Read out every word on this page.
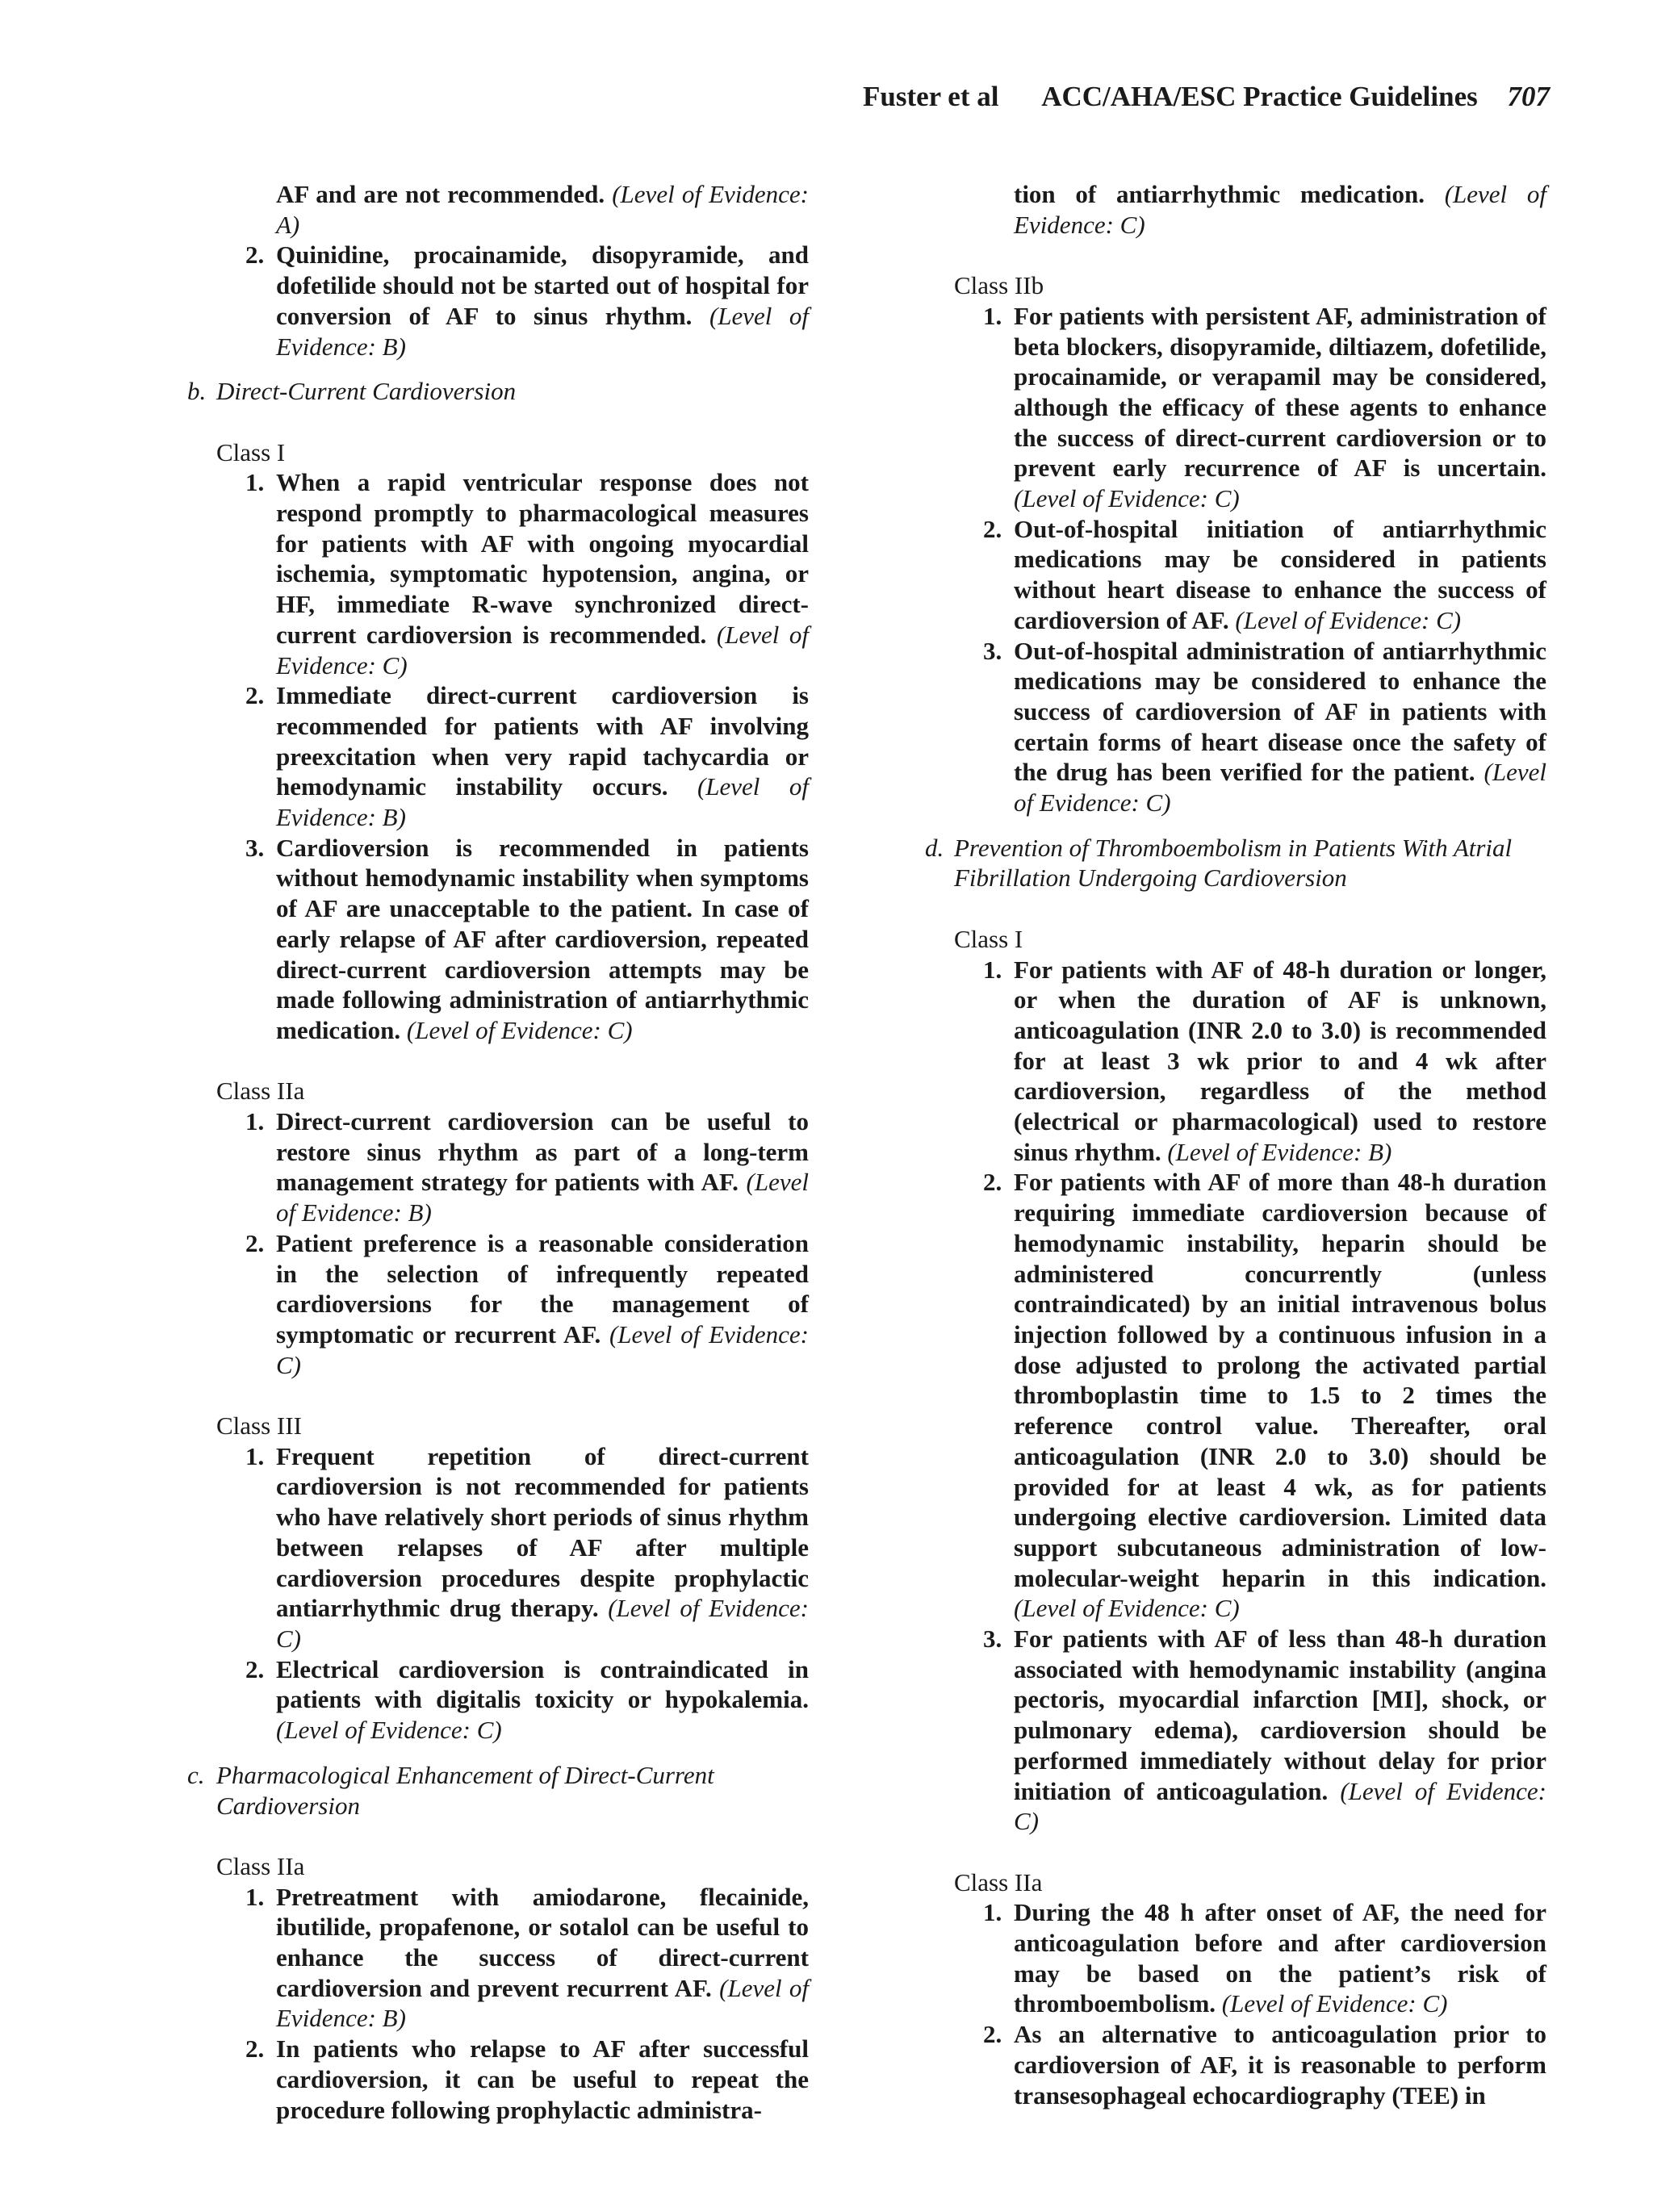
Fuster et al ACC/AHA/ESC Practice Guidelines 707

AF and are not recommended. (Level of Evidence: A)

2. Quinidine, procainamide, disopyramide, and dofetilide should not be started out of hospital for conversion of AF to sinus rhythm. (Level of Evidence: B)

b. Direct-Current Cardioversion

Class I

1. When a rapid ventricular response does not respond promptly to pharmacological measures for patients with AF with ongoing myocardial ischemia, symptomatic hypotension, angina, or HF, immediate R-wave synchronized direct-current cardioversion is recommended. (Level of Evidence: C)
2. Immediate direct-current cardioversion is recommended for patients with AF involving preexcitation when very rapid tachycardia or hemodynamic instability occurs. (Level of Evidence: B)
3. Cardioversion is recommended in patients without hemodynamic instability when symptoms of AF are unacceptable to the patient. In case of early relapse of AF after cardioversion, repeated direct-current cardioversion attempts may be made following administration of antiarrhythmic medication. (Level of Evidence: C)

Class IIa

1. Direct-current cardioversion can be useful to restore sinus rhythm as part of a long-term management strategy for patients with AF. (Level of Evidence: B)
2. Patient preference is a reasonable consideration in the selection of infrequently repeated cardioversions for the management of symptomatic or recurrent AF. (Level of Evidence: C)

Class III

1. Frequent repetition of direct-current cardioversion is not recommended for patients who have relatively short periods of sinus rhythm between relapses of AF after multiple cardioversion procedures despite prophylactic antiarrhythmic drug therapy. (Level of Evidence: C)
2. Electrical cardioversion is contraindicated in patients with digitalis toxicity or hypokalemia. (Level of Evidence: C)

c. Pharmacological Enhancement of Direct-Current Cardioversion

Class IIa

1. Pretreatment with amiodarone, flecainide, ibutilide, propafenone, or sotalol can be useful to enhance the success of direct-current cardioversion and prevent recurrent AF. (Level of Evidence: B)
2. In patients who relapse to AF after successful cardioversion, it can be useful to repeat the procedure following prophylactic administra-

tion of antiarrhythmic medication. (Level of Evidence: C)

Class IIb

1. For patients with persistent AF, administration of beta blockers, disopyramide, diltiazem, dofetilide, procainamide, or verapamil may be considered, although the efficacy of these agents to enhance the success of direct-current cardioversion or to prevent early recurrence of AF is uncertain. (Level of Evidence: C)
2. Out-of-hospital initiation of antiarrhythmic medications may be considered in patients without heart disease to enhance the success of cardioversion of AF. (Level of Evidence: C)
3. Out-of-hospital administration of antiarrhythmic medications may be considered to enhance the success of cardioversion of AF in patients with certain forms of heart disease once the safety of the drug has been verified for the patient. (Level of Evidence: C)

d. Prevention of Thromboembolism in Patients With Atrial Fibrillation Undergoing Cardioversion

Class I

1. For patients with AF of 48-h duration or longer, or when the duration of AF is unknown, anticoagulation (INR 2.0 to 3.0) is recommended for at least 3 wk prior to and 4 wk after cardioversion, regardless of the method (electrical or pharmacological) used to restore sinus rhythm. (Level of Evidence: B)
2. For patients with AF of more than 48-h duration requiring immediate cardioversion because of hemodynamic instability, heparin should be administered concurrently (unless contraindicated) by an initial intravenous bolus injection followed by a continuous infusion in a dose adjusted to prolong the activated partial thromboplastin time to 1.5 to 2 times the reference control value. Thereafter, oral anticoagulation (INR 2.0 to 3.0) should be provided for at least 4 wk, as for patients undergoing elective cardioversion. Limited data support subcutaneous administration of low-molecular-weight heparin in this indication. (Level of Evidence: C)
3. For patients with AF of less than 48-h duration associated with hemodynamic instability (angina pectoris, myocardial infarction [MI], shock, or pulmonary edema), cardioversion should be performed immediately without delay for prior initiation of anticoagulation. (Level of Evidence: C)

Class IIa

1. During the 48 h after onset of AF, the need for anticoagulation before and after cardioversion may be based on the patient’s risk of thromboembolism. (Level of Evidence: C)
2. As an alternative to anticoagulation prior to cardioversion of AF, it is reasonable to perform transesophageal echocardiography (TEE) in
